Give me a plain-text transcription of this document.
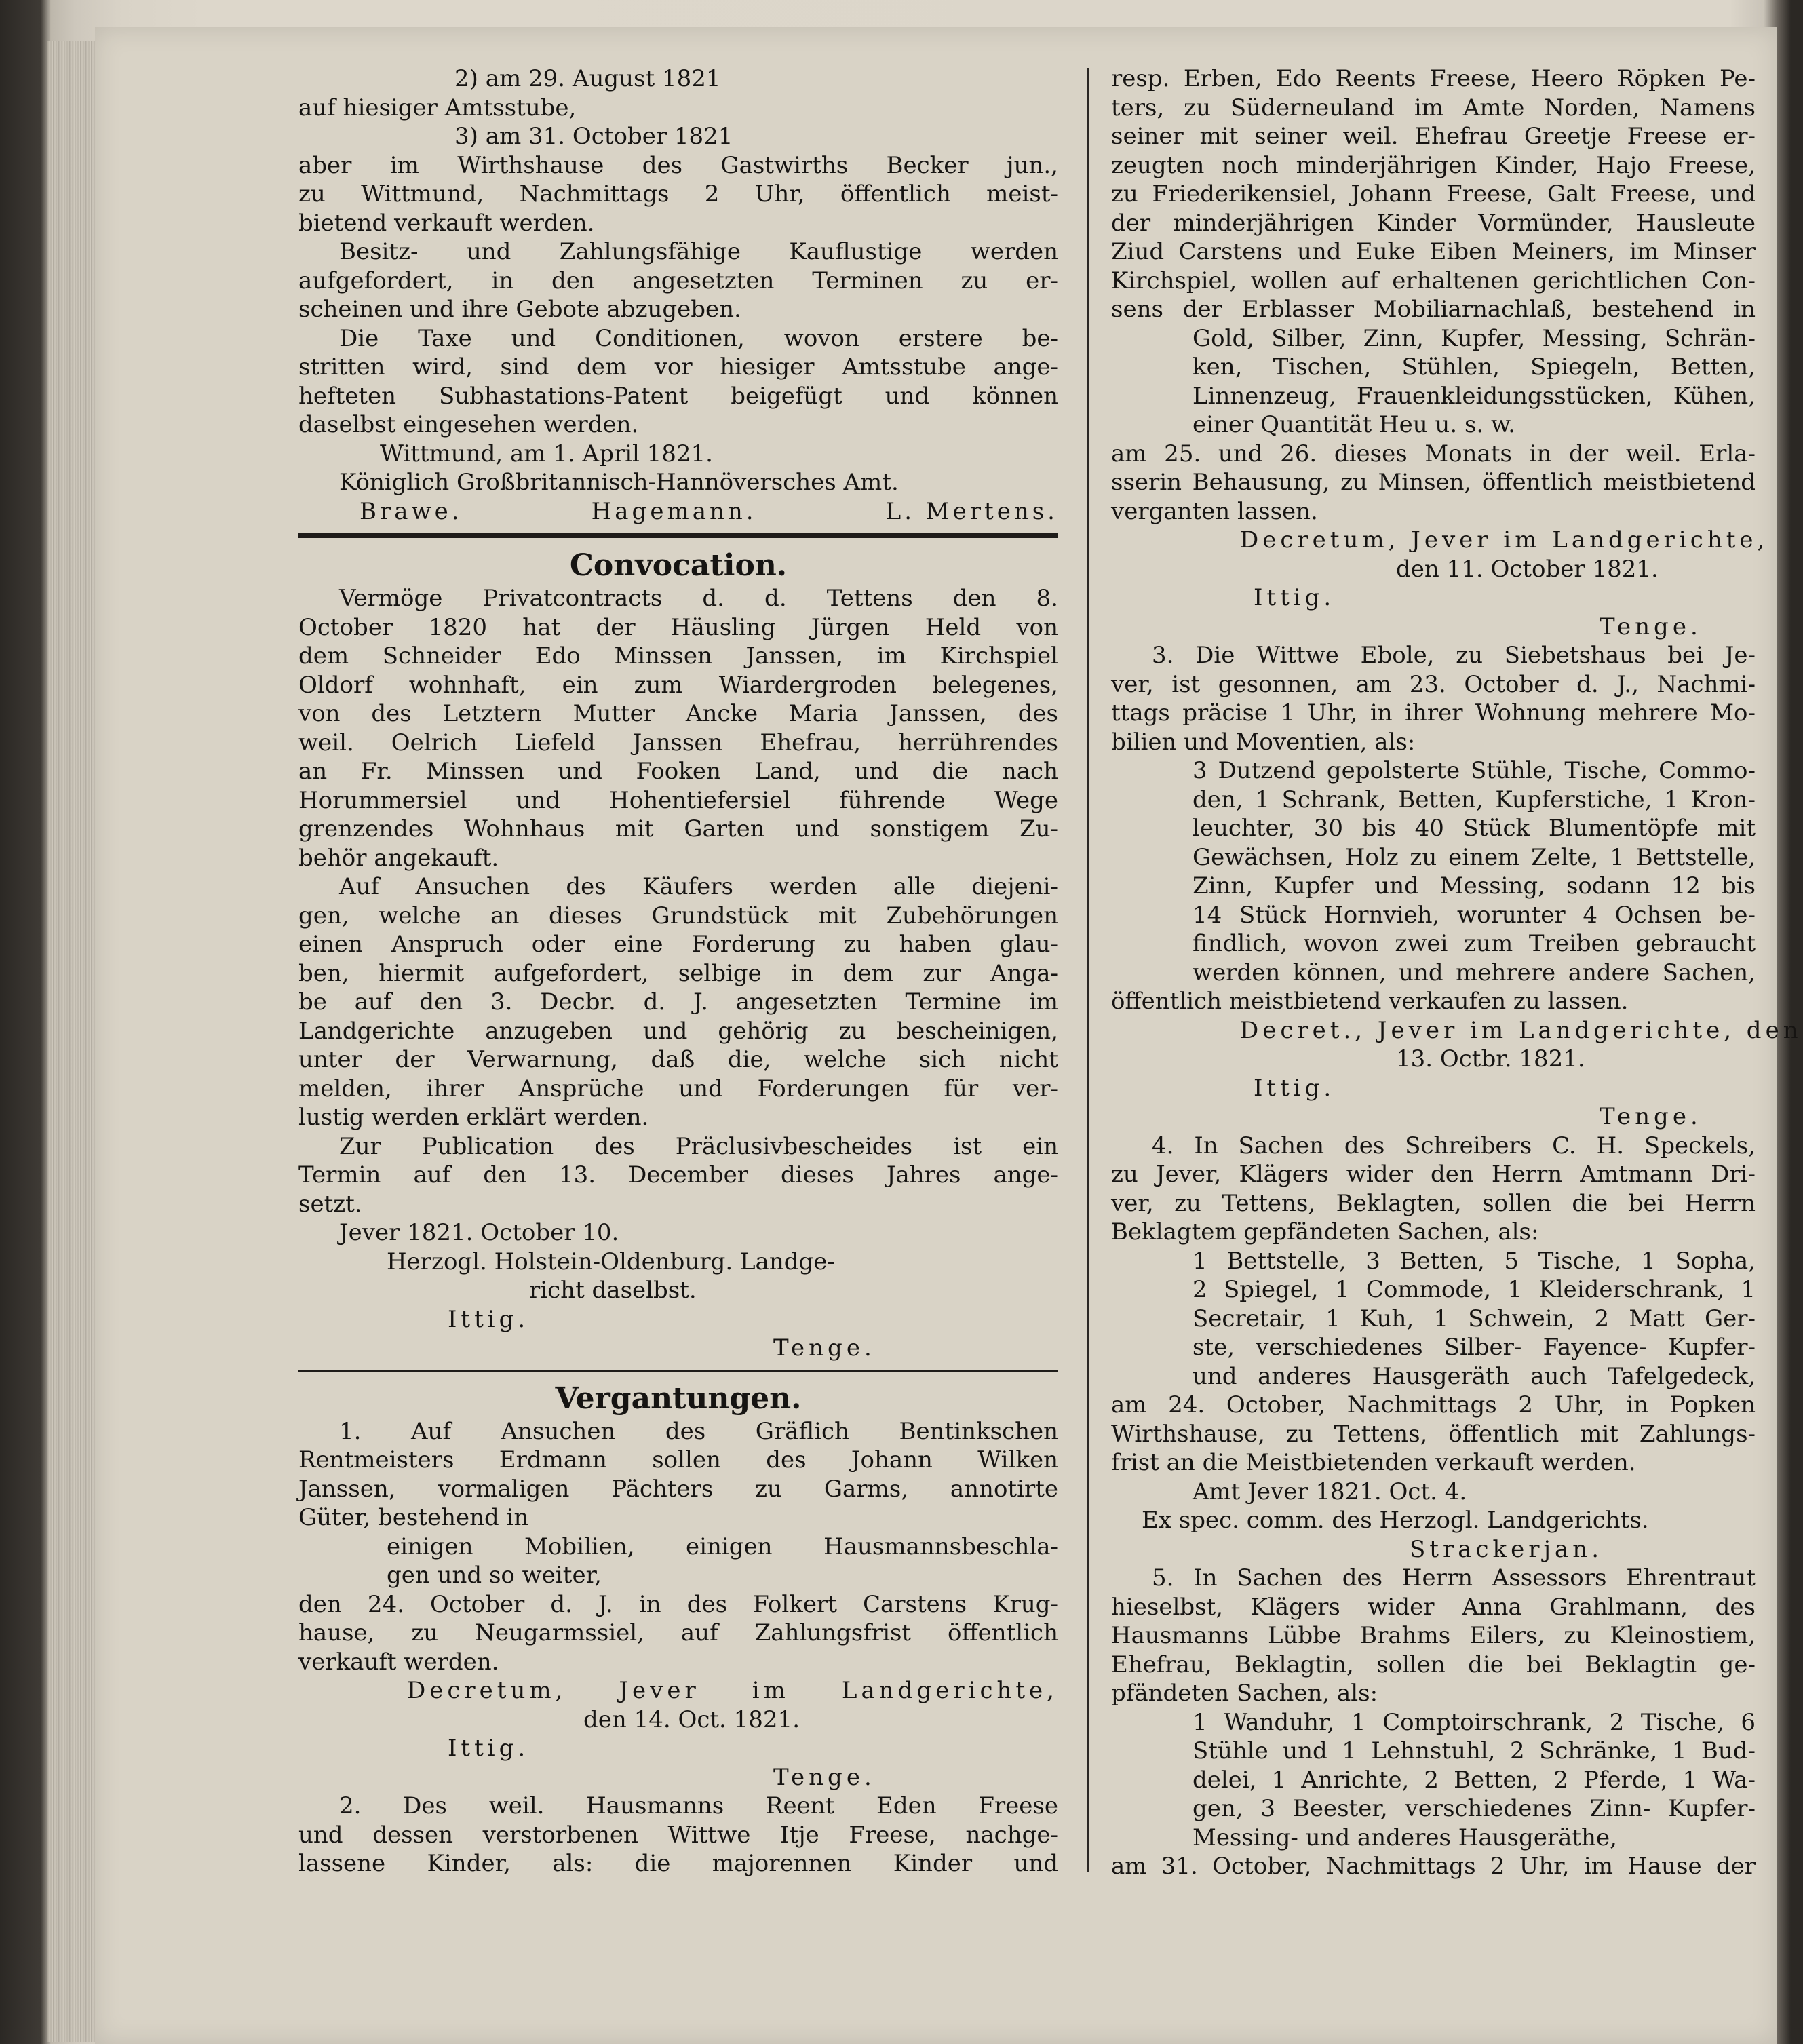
2) am 29. August 1821
auf hiesiger Amtsstube,
3) am 31. October 1821
aber im Wirthshause des Gastwirths Becker jun.,
zu Wittmund, Nachmittags 2 Uhr, öffentlich meist-
bietend verkauft werden.
Besitz- und Zahlungsfähige Kauflustige werden
aufgefordert, in den angesetzten Terminen zu er-
scheinen und ihre Gebote abzugeben.
Die Taxe und Conditionen, wovon erstere be-
stritten wird, sind dem vor hiesiger Amtsstube ange-
hefteten Subhastations-Patent beigefügt und können
daselbst eingesehen werden.
Wittmund, am 1. April 1821.
Königlich Großbritannisch-Hannöversches Amt.
Brawe.	Hagemann.	L. Mertens.
Convocation.
Vermöge Privatcontracts d. d. Tettens den 8.
October 1820 hat der Häusling Jürgen Held von
dem Schneider Edo Minssen Janssen, im Kirchspiel
Oldorf wohnhaft, ein zum Wiardergroden belegenes,
von des Letztern Mutter Ancke Maria Janssen, des
weil. Oelrich Liefeld Janssen Ehefrau, herrührendes
an Fr. Minssen und Fooken Land, und die nach
Horummersiel und Hohentiefersiel führende Wege
grenzendes Wohnhaus mit Garten und sonstigem Zu-
behör angekauft.
Auf Ansuchen des Käufers werden alle diejeni-
gen, welche an dieses Grundstück mit Zubehörungen
einen Anspruch oder eine Forderung zu haben glau-
ben, hiermit aufgefordert, selbige in dem zur Anga-
be auf den 3. Decbr. d. J. angesetzten Termine im
Landgerichte anzugeben und gehörig zu bescheinigen,
unter der Verwarnung, daß die, welche sich nicht
melden, ihrer Ansprüche und Forderungen für ver-
lustig werden erklärt werden.
Zur Publication des Präclusivbescheides ist ein
Termin auf den 13. December dieses Jahres ange-
setzt.
Jever 1821. October 10.
Herzogl. Holstein-Oldenburg. Landge-
richt daselbst.
Ittig.
Tenge.
Vergantungen.
1. Auf Ansuchen des Gräflich Bentinkschen
Rentmeisters Erdmann sollen des Johann Wilken
Janssen, vormaligen Pächters zu Garms, annotirte
Güter, bestehend in
einigen Mobilien, einigen Hausmannsbeschla-
gen und so weiter,
den 24. October d. J. in des Folkert Carstens Krug-
hause, zu Neugarmssiel, auf Zahlungsfrist öffentlich
verkauft werden.
Decretum, Jever im Landgerichte,
den 14. Oct. 1821.
Ittig.
Tenge.
2. Des weil. Hausmanns Reent Eden Freese
und dessen verstorbenen Wittwe Itje Freese, nachge-
lassene Kinder, als: die majorennen Kinder und
resp. Erben, Edo Reents Freese, Heero Röpken Pe-
ters, zu Süderneuland im Amte Norden, Namens
seiner mit seiner weil. Ehefrau Greetje Freese er-
zeugten noch minderjährigen Kinder, Hajo Freese,
zu Friederikensiel, Johann Freese, Galt Freese, und
der minderjährigen Kinder Vormünder, Hausleute
Ziud Carstens und Euke Eiben Meiners, im Minser
Kirchspiel, wollen auf erhaltenen gerichtlichen Con-
sens der Erblasser Mobiliarnachlaß, bestehend in
Gold, Silber, Zinn, Kupfer, Messing, Schrän-
ken, Tischen, Stühlen, Spiegeln, Betten,
Linnenzeug, Frauenkleidungsstücken, Kühen,
einer Quantität Heu u. s. w.
am 25. und 26. dieses Monats in der weil. Erla-
sserin Behausung, zu Minsen, öffentlich meistbietend
verganten lassen.
Decretum, Jever im Landgerichte,
den 11. October 1821.
Ittig.
Tenge.
3. Die Wittwe Ebole, zu Siebetshaus bei Je-
ver, ist gesonnen, am 23. October d. J., Nachmi-
ttags präcise 1 Uhr, in ihrer Wohnung mehrere Mo-
bilien und Moventien, als:
3 Dutzend gepolsterte Stühle, Tische, Commo-
den, 1 Schrank, Betten, Kupferstiche, 1 Kron-
leuchter, 30 bis 40 Stück Blumentöpfe mit
Gewächsen, Holz zu einem Zelte, 1 Bettstelle,
Zinn, Kupfer und Messing, sodann 12 bis
14 Stück Hornvieh, worunter 4 Ochsen be-
findlich, wovon zwei zum Treiben gebraucht
werden können, und mehrere andere Sachen,
öffentlich meistbietend verkaufen zu lassen.
Decret., Jever im Landgerichte, den
13. Octbr. 1821.
Ittig.
Tenge.
4. In Sachen des Schreibers C. H. Speckels,
zu Jever, Klägers wider den Herrn Amtmann Dri-
ver, zu Tettens, Beklagten, sollen die bei Herrn
Beklagtem gepfändeten Sachen, als:
1 Bettstelle, 3 Betten, 5 Tische, 1 Sopha,
2 Spiegel, 1 Commode, 1 Kleiderschrank, 1
Secretair, 1 Kuh, 1 Schwein, 2 Matt Ger-
ste, verschiedenes Silber- Fayence- Kupfer-
und anderes Hausgeräth auch Tafelgedeck,
am 24. October, Nachmittags 2 Uhr, in Popken
Wirthshause, zu Tettens, öffentlich mit Zahlungs-
frist an die Meistbietenden verkauft werden.
Amt Jever 1821. Oct. 4.
Ex spec. comm. des Herzogl. Landgerichts.
Strackerjan.
5. In Sachen des Herrn Assessors Ehrentraut
hieselbst, Klägers wider Anna Grahlmann, des
Hausmanns Lübbe Brahms Eilers, zu Kleinostiem,
Ehefrau, Beklagtin, sollen die bei Beklagtin ge-
pfändeten Sachen, als:
1 Wanduhr, 1 Comptoirschrank, 2 Tische, 6
Stühle und 1 Lehnstuhl, 2 Schränke, 1 Bud-
delei, 1 Anrichte, 2 Betten, 2 Pferde, 1 Wa-
gen, 3 Beester, verschiedenes Zinn- Kupfer-
Messing- und anderes Hausgeräthe,
am 31. October, Nachmittags 2 Uhr, im Hause der
